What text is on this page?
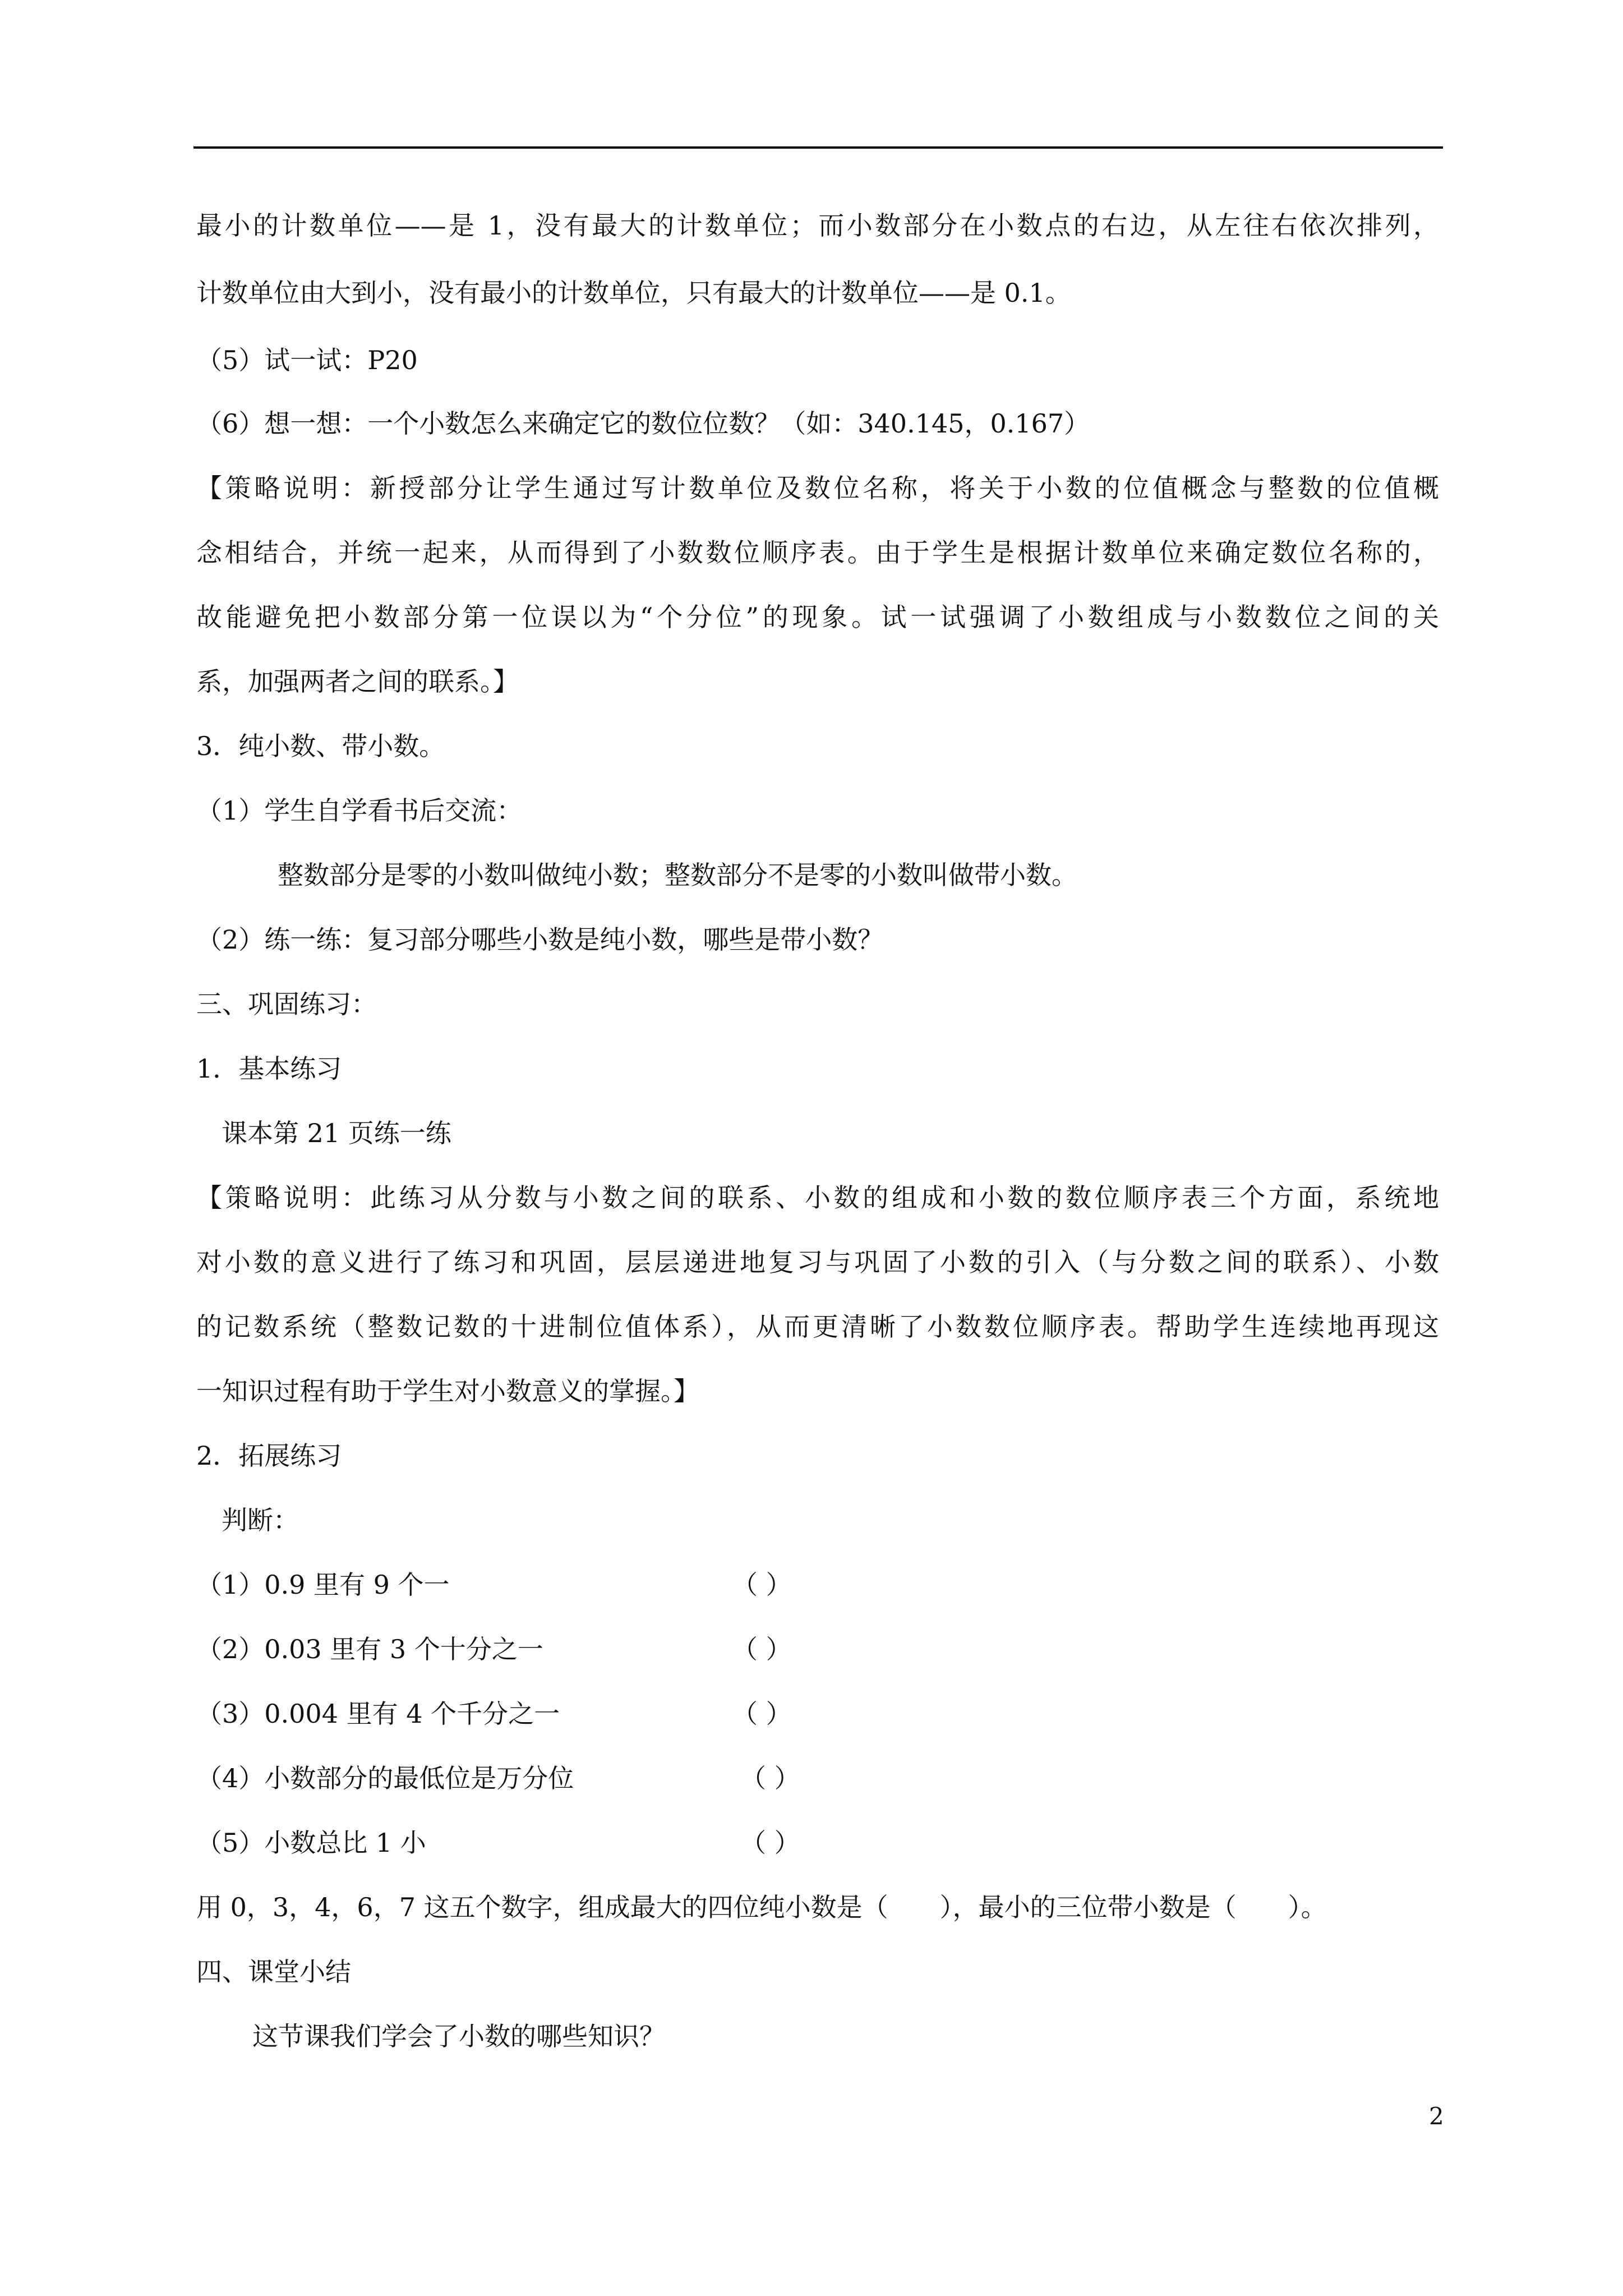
最小的计数单位——是 1，没有最大的计数单位；而小数部分在小数点的右边，从左往右依次排列，

计数单位由大到小，没有最小的计数单位，只有最大的计数单位——是 0.1。

（5）试一试：P20

（6）想一想：一个小数怎么来确定它的数位位数？（如：340.145，0.167）

【策略说明：新授部分让学生通过写计数单位及数位名称，将关于小数的位值概念与整数的位值概

念相结合，并统一起来，从而得到了小数数位顺序表。由于学生是根据计数单位来确定数位名称的，

故能避免把小数部分第一位误以为“个分位”的现象。试一试强调了小数组成与小数数位之间的关

系，加强两者之间的联系。】

3．纯小数、带小数。

（1）学生自学看书后交流：

整数部分是零的小数叫做纯小数；整数部分不是零的小数叫做带小数。

（2）练一练：复习部分哪些小数是纯小数，哪些是带小数？

三、巩固练习：

1．基本练习

课本第 21 页练一练

【策略说明：此练习从分数与小数之间的联系、小数的组成和小数的数位顺序表三个方面，系统地

对小数的意义进行了练习和巩固，层层递进地复习与巩固了小数的引入（与分数之间的联系）、小数

的记数系统（整数记数的十进制位值体系），从而更清晰了小数数位顺序表。帮助学生连续地再现这

一知识过程有助于学生对小数意义的掌握。】

2．拓展练习

判断：

（1）0.9 里有 9 个一	（ ）

（2）0.03 里有 3 个十分之一	（ ）

（3）0.004 里有 4 个千分之一	（ ）

（4）小数部分的最低位是万分位	（ ）

（5）小数总比 1 小	（ ）

用 0，3，4，6，7 这五个数字，组成最大的四位纯小数是（　　），最小的三位带小数是（　　）。

四、课堂小结

这节课我们学会了小数的哪些知识？

2
